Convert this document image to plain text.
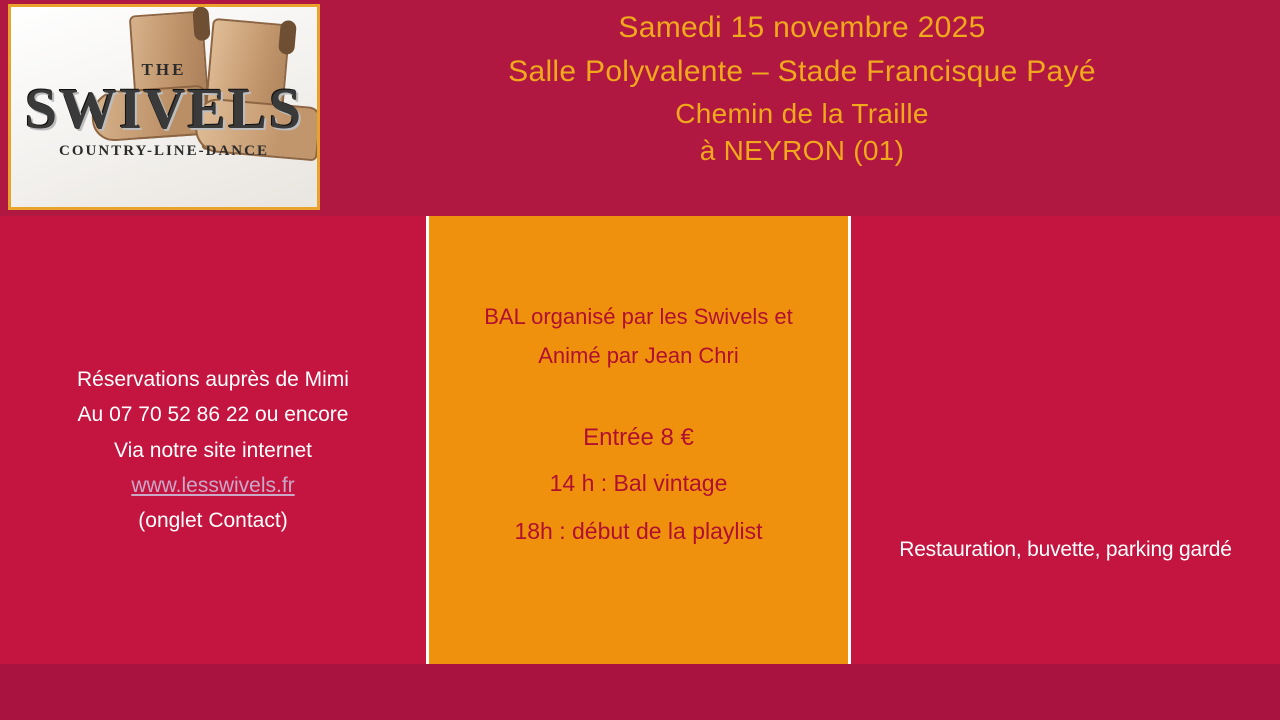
THE
SWIVELS
COUNTRY-LINE-DANCE
Samedi 15 novembre 2025
Salle Polyvalente – Stade Francisque Payé
Chemin de la Traille
à NEYRON (01)
Réservations auprès de Mimi
Au 07 70 52 86 22 ou encore
Via notre site internet
www.lesswivels.fr
(onglet Contact)
BAL organisé par les Swivels et
Animé par Jean Chri
Entrée 8 €
14 h : Bal vintage
18h : début de la playlist
Restauration, buvette, parking gardé
